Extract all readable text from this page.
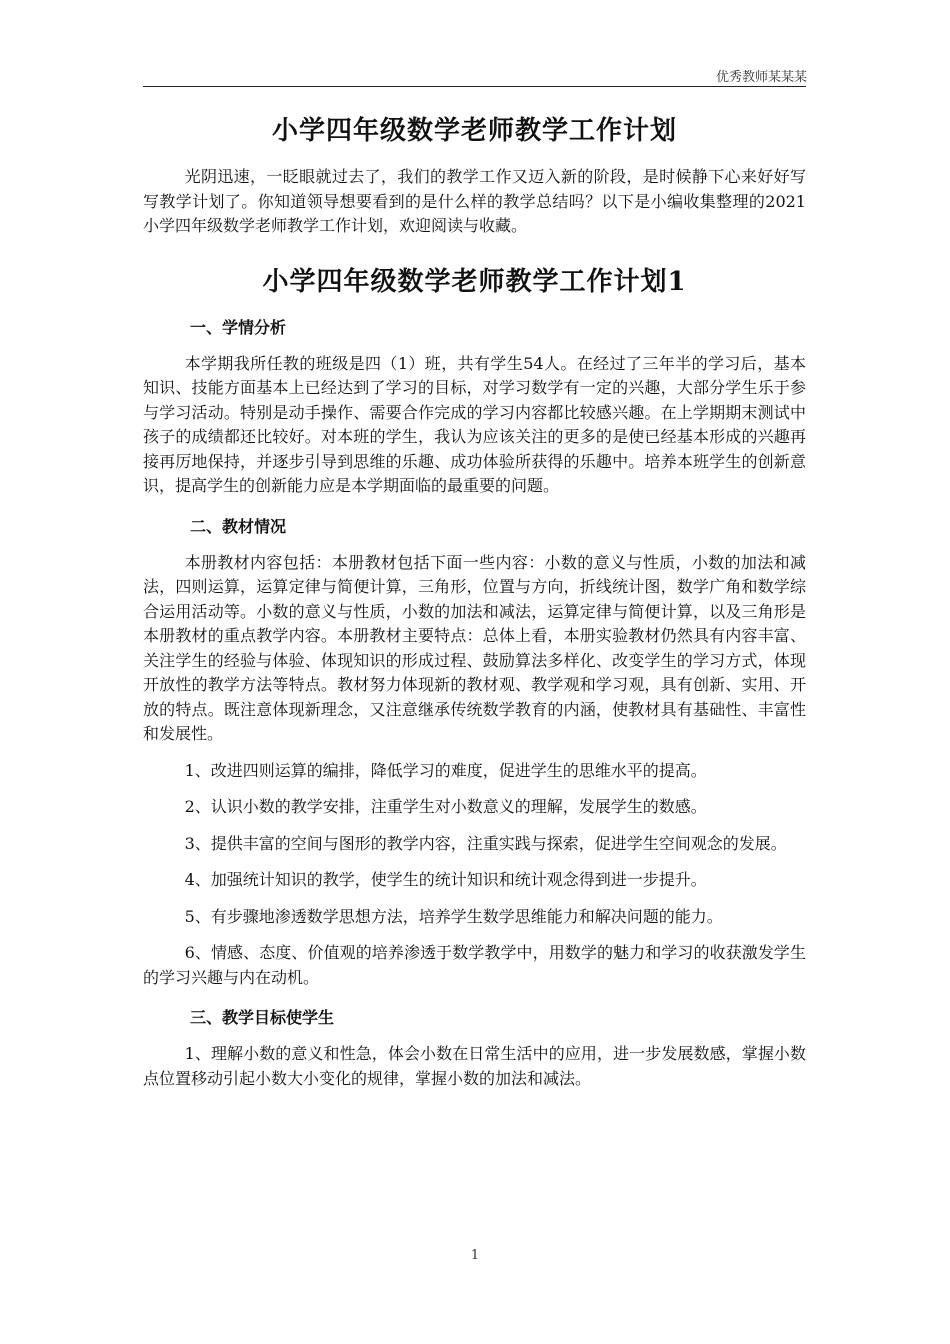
优秀教师某某某
小学四年级数学老师教学工作计划

光阴迅速，一眨眼就过去了，我们的教学工作又迈入新的阶段，是时候静下心来好好写写教学计划了。你知道领导想要看到的是什么样的教学总结吗？以下是小编收集整理的2021小学四年级数学老师教学工作计划，欢迎阅读与收藏。

小学四年级数学老师教学工作计划1

一、学情分析

本学期我所任教的班级是四（1）班，共有学生54人。在经过了三年半的学习后，基本知识、技能方面基本上已经达到了学习的目标，对学习数学有一定的兴趣，大部分学生乐于参与学习活动。特别是动手操作、需要合作完成的学习内容都比较感兴趣。在上学期期末测试中孩子的成绩都还比较好。对本班的学生，我认为应该关注的更多的是使已经基本形成的兴趣再接再厉地保持，并逐步引导到思维的乐趣、成功体验所获得的乐趣中。培养本班学生的创新意识，提高学生的创新能力应是本学期面临的最重要的问题。

二、教材情况

本册教材内容包括：本册教材包括下面一些内容：小数的意义与性质，小数的加法和减法，四则运算，运算定律与简便计算，三角形，位置与方向，折线统计图，数学广角和数学综合运用活动等。小数的意义与性质，小数的加法和减法，运算定律与简便计算，以及三角形是本册教材的重点教学内容。本册教材主要特点：总体上看，本册实验教材仍然具有内容丰富、关注学生的经验与体验、体现知识的形成过程、鼓励算法多样化、改变学生的学习方式，体现开放性的教学方法等特点。教材努力体现新的教材观、教学观和学习观，具有创新、实用、开放的特点。既注意体现新理念，又注意继承传统数学教育的内涵，使教材具有基础性、丰富性和发展性。

1、改进四则运算的编排，降低学习的难度，促进学生的思维水平的提高。

2、认识小数的教学安排，注重学生对小数意义的理解，发展学生的数感。

3、提供丰富的空间与图形的教学内容，注重实践与探索，促进学生空间观念的发展。

4、加强统计知识的教学，使学生的统计知识和统计观念得到进一步提升。

5、有步骤地渗透数学思想方法，培养学生数学思维能力和解决问题的能力。

6、情感、态度、价值观的培养渗透于数学教学中，用数学的魅力和学习的收获激发学生的学习兴趣与内在动机。

三、教学目标使学生

1、理解小数的意义和性急，体会小数在日常生活中的应用，进一步发展数感，掌握小数点位置移动引起小数大小变化的规律，掌握小数的加法和减法。

1
